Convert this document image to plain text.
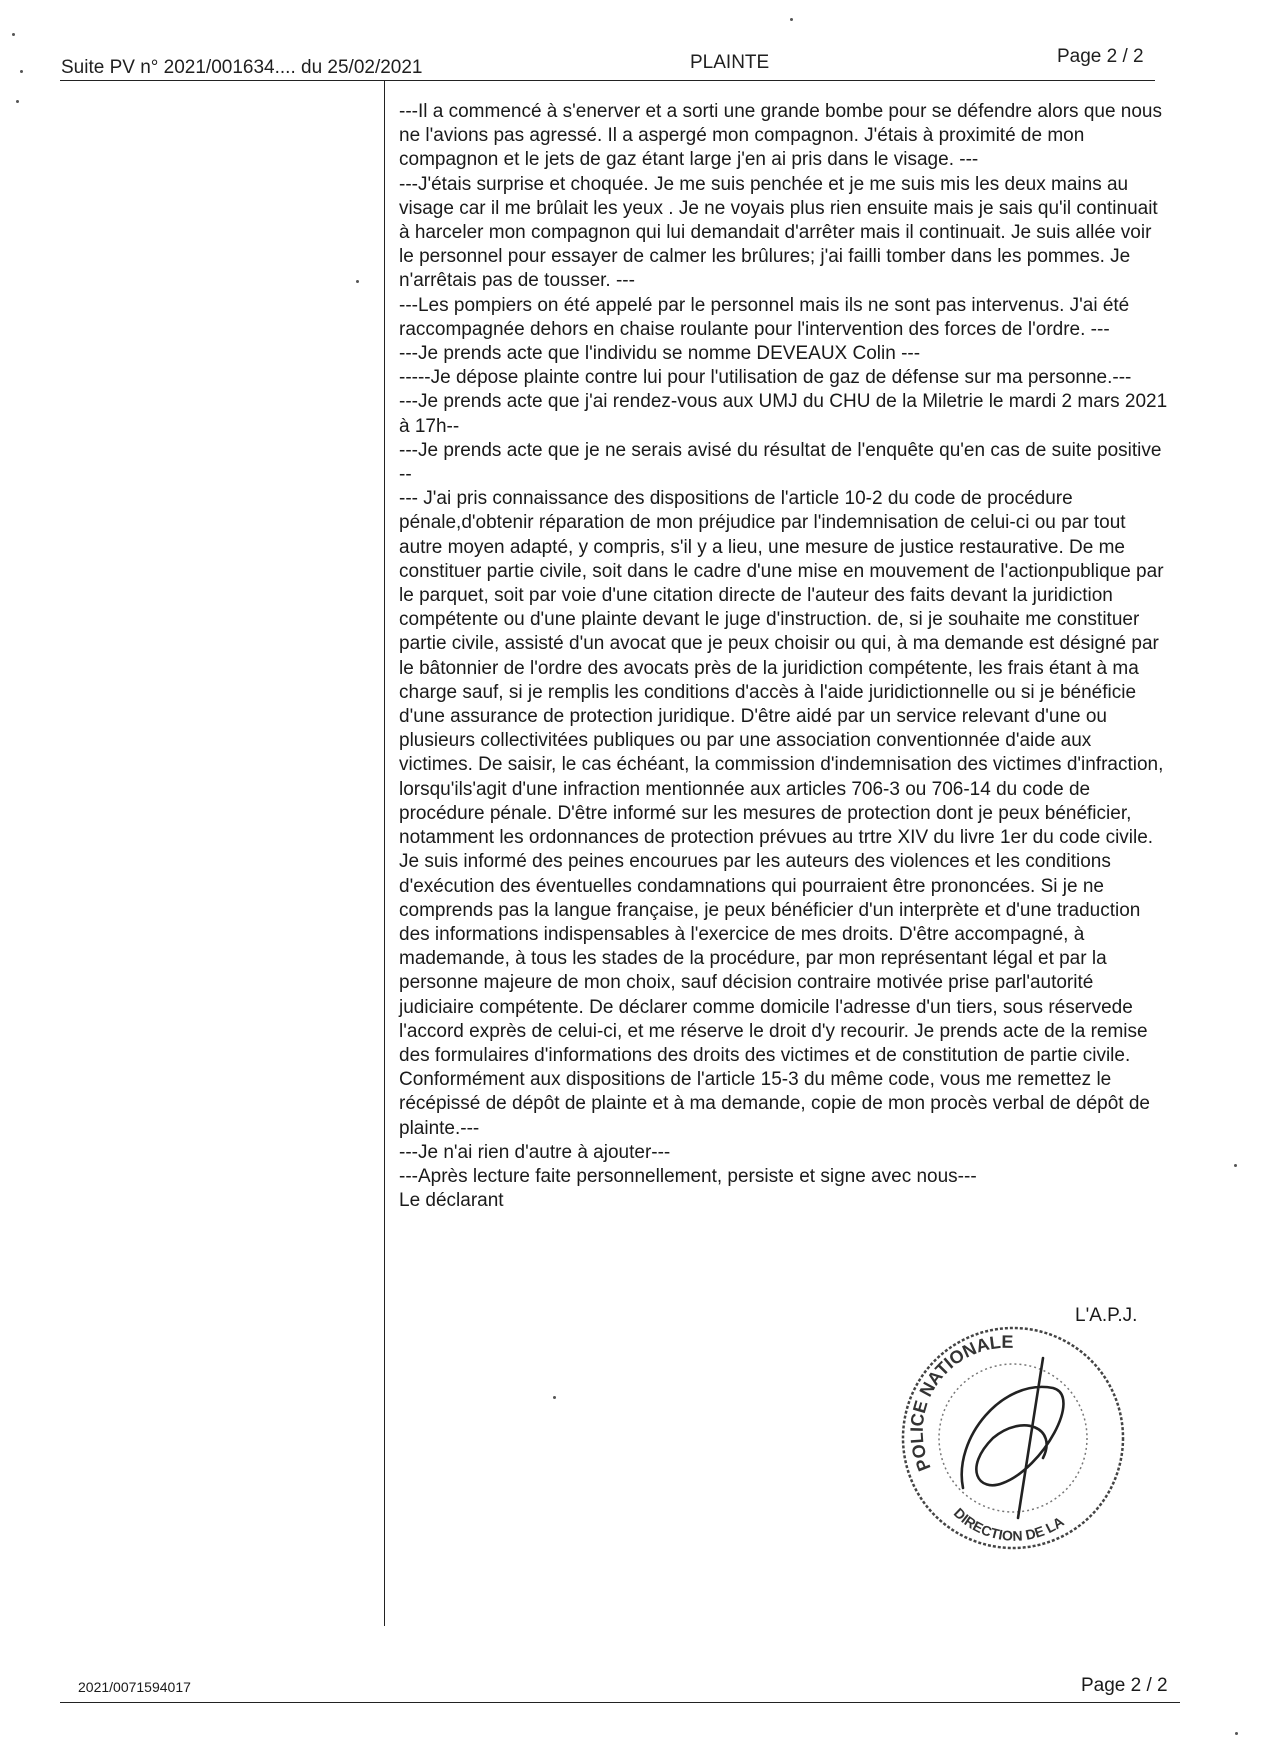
Suite PV n° 2021/001634.... du 25/02/2021	PLAINTE	Page 2 / 2

---Il a commencé à s'enerver et a sorti une grande bombe pour se défendre alors que nous ne l'avions pas agressé. Il a aspergé mon compagnon. J'étais à proximité de mon compagnon et le jets de gaz étant large j'en ai pris dans le visage. ---

---J'étais surprise et choquée. Je me suis penchée et je me suis mis les deux mains au visage car il me brûlait les yeux . Je ne voyais plus rien ensuite mais je sais qu'il continuait à harceler mon compagnon qui lui demandait d'arrêter mais il continuait. Je suis allée voir le personnel pour essayer de calmer les brûlures; j'ai failli tomber dans les pommes. Je n'arrêtais pas de tousser. ---

---Les pompiers on été appelé par le personnel mais ils ne sont pas intervenus. J'ai été raccompagnée dehors en chaise roulante pour l'intervention des forces de l'ordre. ---

---Je prends acte que l'individu se nomme DEVEAUX Colin ---

-----Je dépose plainte contre lui pour l'utilisation de gaz de défense sur ma personne.---

---Je prends acte que j'ai rendez-vous aux UMJ du CHU de la Miletrie le mardi 2 mars 2021 à 17h--

---Je prends acte que je ne serais avisé du résultat de l'enquête qu'en cas de suite positive --

--- J'ai pris connaissance des dispositions de l'article 10-2 du code de procédure pénale,d'obtenir réparation de mon préjudice par l'indemnisation de celui-ci ou par tout autre moyen adapté, y compris, s'il y a lieu, une mesure de justice restaurative. De me constituer partie civile, soit dans le cadre d'une mise en mouvement de l'actionpublique par le parquet, soit par voie d'une citation directe de l'auteur des faits devant la juridiction compétente ou d'une plainte devant le juge d'instruction. de, si je souhaite me constituer partie civile, assisté d'un avocat que je peux choisir ou qui, à ma demande est désigné par le bâtonnier de l'ordre des avocats près de la juridiction compétente, les frais étant à ma charge sauf, si je remplis les conditions d'accès à l'aide juridictionnelle ou si je bénéficie d'une assurance de protection juridique. D'être aidé par un service relevant d'une ou plusieurs collectivitées publiques ou par une association conventionnée d'aide aux victimes. De saisir, le cas échéant, la commission d'indemnisation des victimes d'infraction, lorsqu'ils'agit d'une infraction mentionnée aux articles 706-3 ou 706-14 du code de procédure pénale. D'être informé sur les mesures de protection dont je peux bénéficier, notamment les ordonnances de protection prévues au trtre XIV du livre 1er du code civile. Je suis informé des peines encourues par les auteurs des violences et les conditions d'exécution des éventuelles condamnations qui pourraient être prononcées. Si je ne comprends pas la langue française, je peux bénéficier d'un interprète et d'une traduction des informations indispensables à l'exercice de mes droits. D'être accompagné, à mademande, à tous les stades de la procédure, par mon représentant légal et par la personne majeure de mon choix, sauf décision contraire motivée prise parl'autorité judiciaire compétente. De déclarer comme domicile l'adresse d'un tiers, sous réservede l'accord exprès de celui-ci, et me réserve le droit d'y recourir. Je prends acte de la remise des formulaires d'informations des droits des victimes et de constitution de partie civile. Conformément aux dispositions de l'article 15-3 du même code, vous me remettez le récépissé de dépôt de plainte et à ma demande, copie de mon procès verbal de dépôt de plainte.---

---Je n'ai rien d'autre à ajouter---

---Après lecture faite personnellement, persiste et signe avec nous---

Le déclarant

L'A.P.J.
POLICE NATIONALE
DIRECTION DE LA
2021/0071594017	Page 2 / 2
